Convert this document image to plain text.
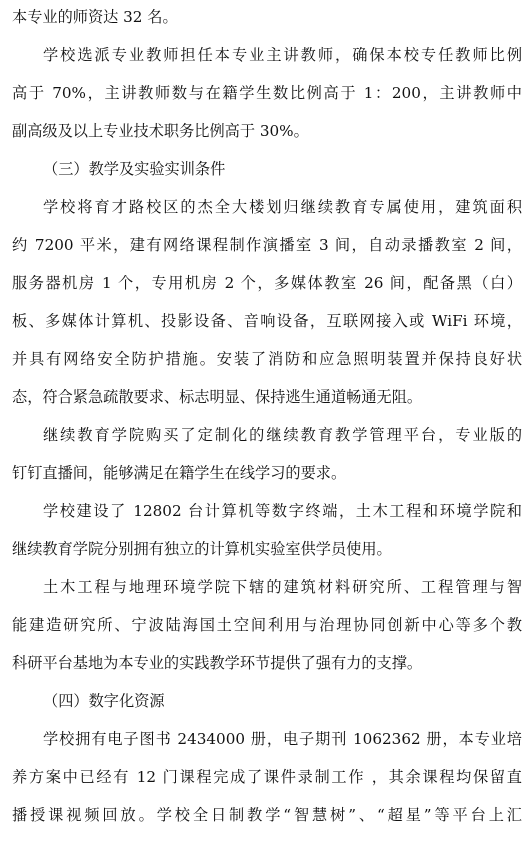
本专业的师资达 32 名。
学校选派专业教师担任本专业主讲教师，确保本校专任教师比例
高于 70%，主讲教师数与在籍学生数比例高于 1：200，主讲教师中
副高级及以上专业技术职务比例高于 30%。
（三）教学及实验实训条件
学校将育才路校区的杰全大楼划归继续教育专属使用，建筑面积
约 7200 平米，建有网络课程制作演播室 3 间，自动录播教室 2 间，
服务器机房 1 个，专用机房 2 个，多媒体教室 26 间，配备黑（白）
板、多媒体计算机、投影设备、音响设备，互联网接入或 WiFi 环境，
并具有网络安全防护措施。安装了消防和应急照明装置并保持良好状
态，符合紧急疏散要求、标志明显、保持逃生通道畅通无阻。
继续教育学院购买了定制化的继续教育教学管理平台，专业版的
钉钉直播间，能够满足在籍学生在线学习的要求。
学校建设了 12802 台计算机等数字终端，土木工程和环境学院和
继续教育学院分别拥有独立的计算机实验室供学员使用。
土木工程与地理环境学院下辖的建筑材料研究所、工程管理与智
能建造研究所、宁波陆海国土空间利用与治理协同创新中心等多个教
科研平台基地为本专业的实践教学环节提供了强有力的支撑。
（四）数字化资源
学校拥有电子图书 2434000 册，电子期刊 1062362 册，本专业培
养方案中已经有 12 门课程完成了课件录制工作 ，其余课程均保留直
播授课视频回放。学校全日制教学“智慧树”、“超星”等平台上汇
